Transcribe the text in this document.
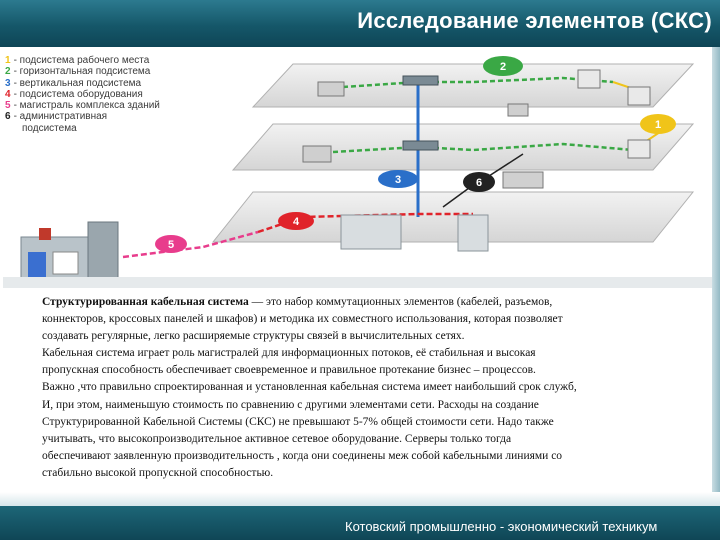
Исследование элементов (СКС)
1
2
3
4
5
6
1 - подсистема рабочего места
2 - горизонтальная подсистема
3 - вертикальная подсистема
4 - подсистема оборудования
5 - магистраль комплекса зданий
6 - административная
подсистема

Структурированная кабельная система — это набор коммутационных элементов (кабелей, разъемов,

коннекторов, кроссовых панелей и шкафов) и методика их совместного использования, которая позволяет

создавать регулярные, легко расширяемые структуры связей в вычислительных сетях.

Кабельная система играет роль магистралей для информационных потоков, её стабильная и высокая

пропускная способность обеспечивает своевременное и правильное протекание бизнес – процессов.

Важно ,что правильно спроектированная и установленная кабельная система имеет наибольший срок служб,

И, при этом, наименьшую стоимость по сравнению с другими элементами сети. Расходы на создание

Структурированной Кабельной Системы (СКС) не превышают 5-7% общей стоимости сети. Надо также

учитывать, что высокопроизводительное активное сетевое оборудование. Серверы только тогда

обеспечивают заявленную производительность , когда они соединены меж собой кабельными линиями со

стабильно высокой пропускной способностью.

Котовский промышленно - экономический техникум
